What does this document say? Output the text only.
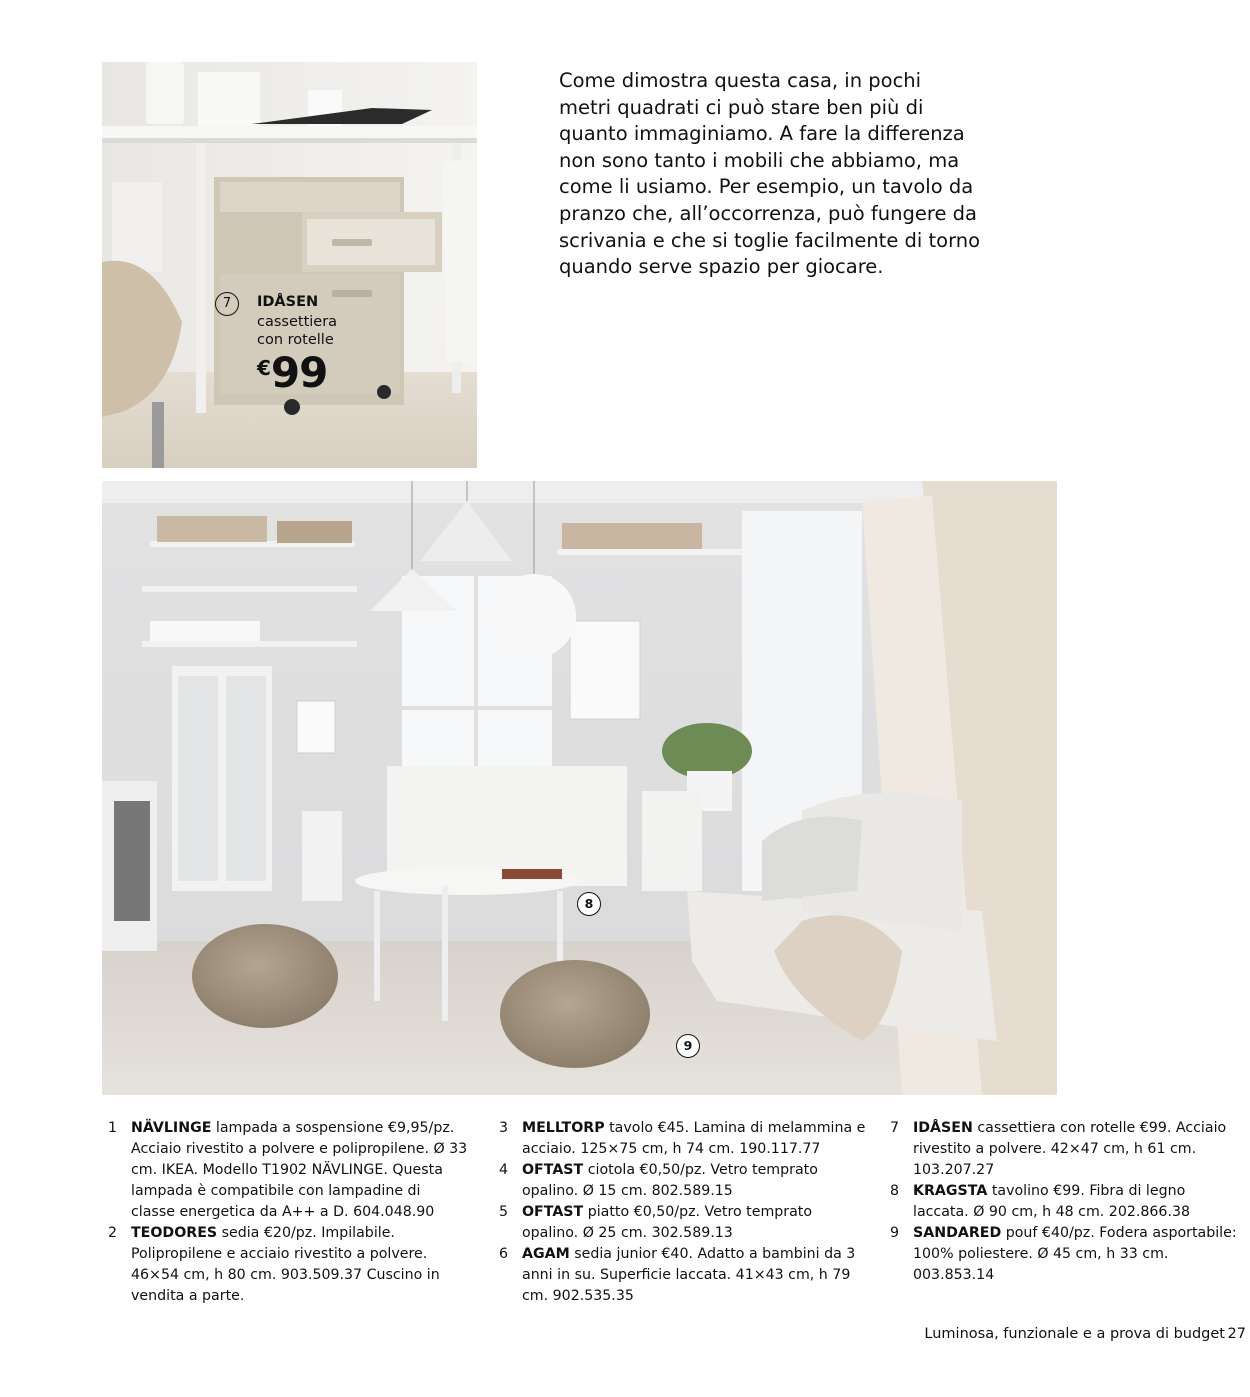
7	IDÅSEN
cassettiera
con rotelle
€99
Come dimostra questa casa, in pochi
metri quadrati ci può stare ben più di
quanto immaginiamo. A fare la differenza
non sono tanto i mobili che abbiamo, ma
come li usiamo. Per esempio, un tavolo da
pranzo che, all’occorrenza, può fungere da
scrivania e che si toglie facilmente di torno
quando serve spazio per giocare.
8
9
1 NÄVLINGE lampada a sospensione €9,95/pz. Acciaio rivestito a polvere e polipropilene. Ø 33 cm. IKEA. Modello T1902 NÄVLINGE. Questa lampada è compatibile con lampadine di classe energetica da A++ a D. 604.048.90
2 TEODORES sedia €20/pz. Impilabile. Polipropilene e acciaio rivestito a polvere. 46×54 cm, h 80 cm. 903.509.37 Cuscino in vendita a parte.
3 MELLTORP tavolo €45. Lamina di melammina e acciaio. 125×75 cm, h 74 cm. 190.117.77
4 OFTAST ciotola €0,50/pz. Vetro temprato opalino. Ø 15 cm. 802.589.15
5 OFTAST piatto €0,50/pz. Vetro temprato opalino. Ø 25 cm. 302.589.13
6 AGAM sedia junior €40. Adatto a bambini da 3 anni in su. Superficie laccata. 41×43 cm, h 79 cm. 902.535.35
7 IDÅSEN cassettiera con rotelle €99. Acciaio rivestito a polvere. 42×47 cm, h 61 cm. 103.207.27
8 KRAGSTA tavolino €99. Fibra di legno laccata. Ø 90 cm, h 48 cm. 202.866.38
9 SANDARED pouf €40/pz. Fodera asportabile: 100% poliestere. Ø 45 cm, h 33 cm. 003.853.14
Luminosa, funzionale e a prova di budget 27
